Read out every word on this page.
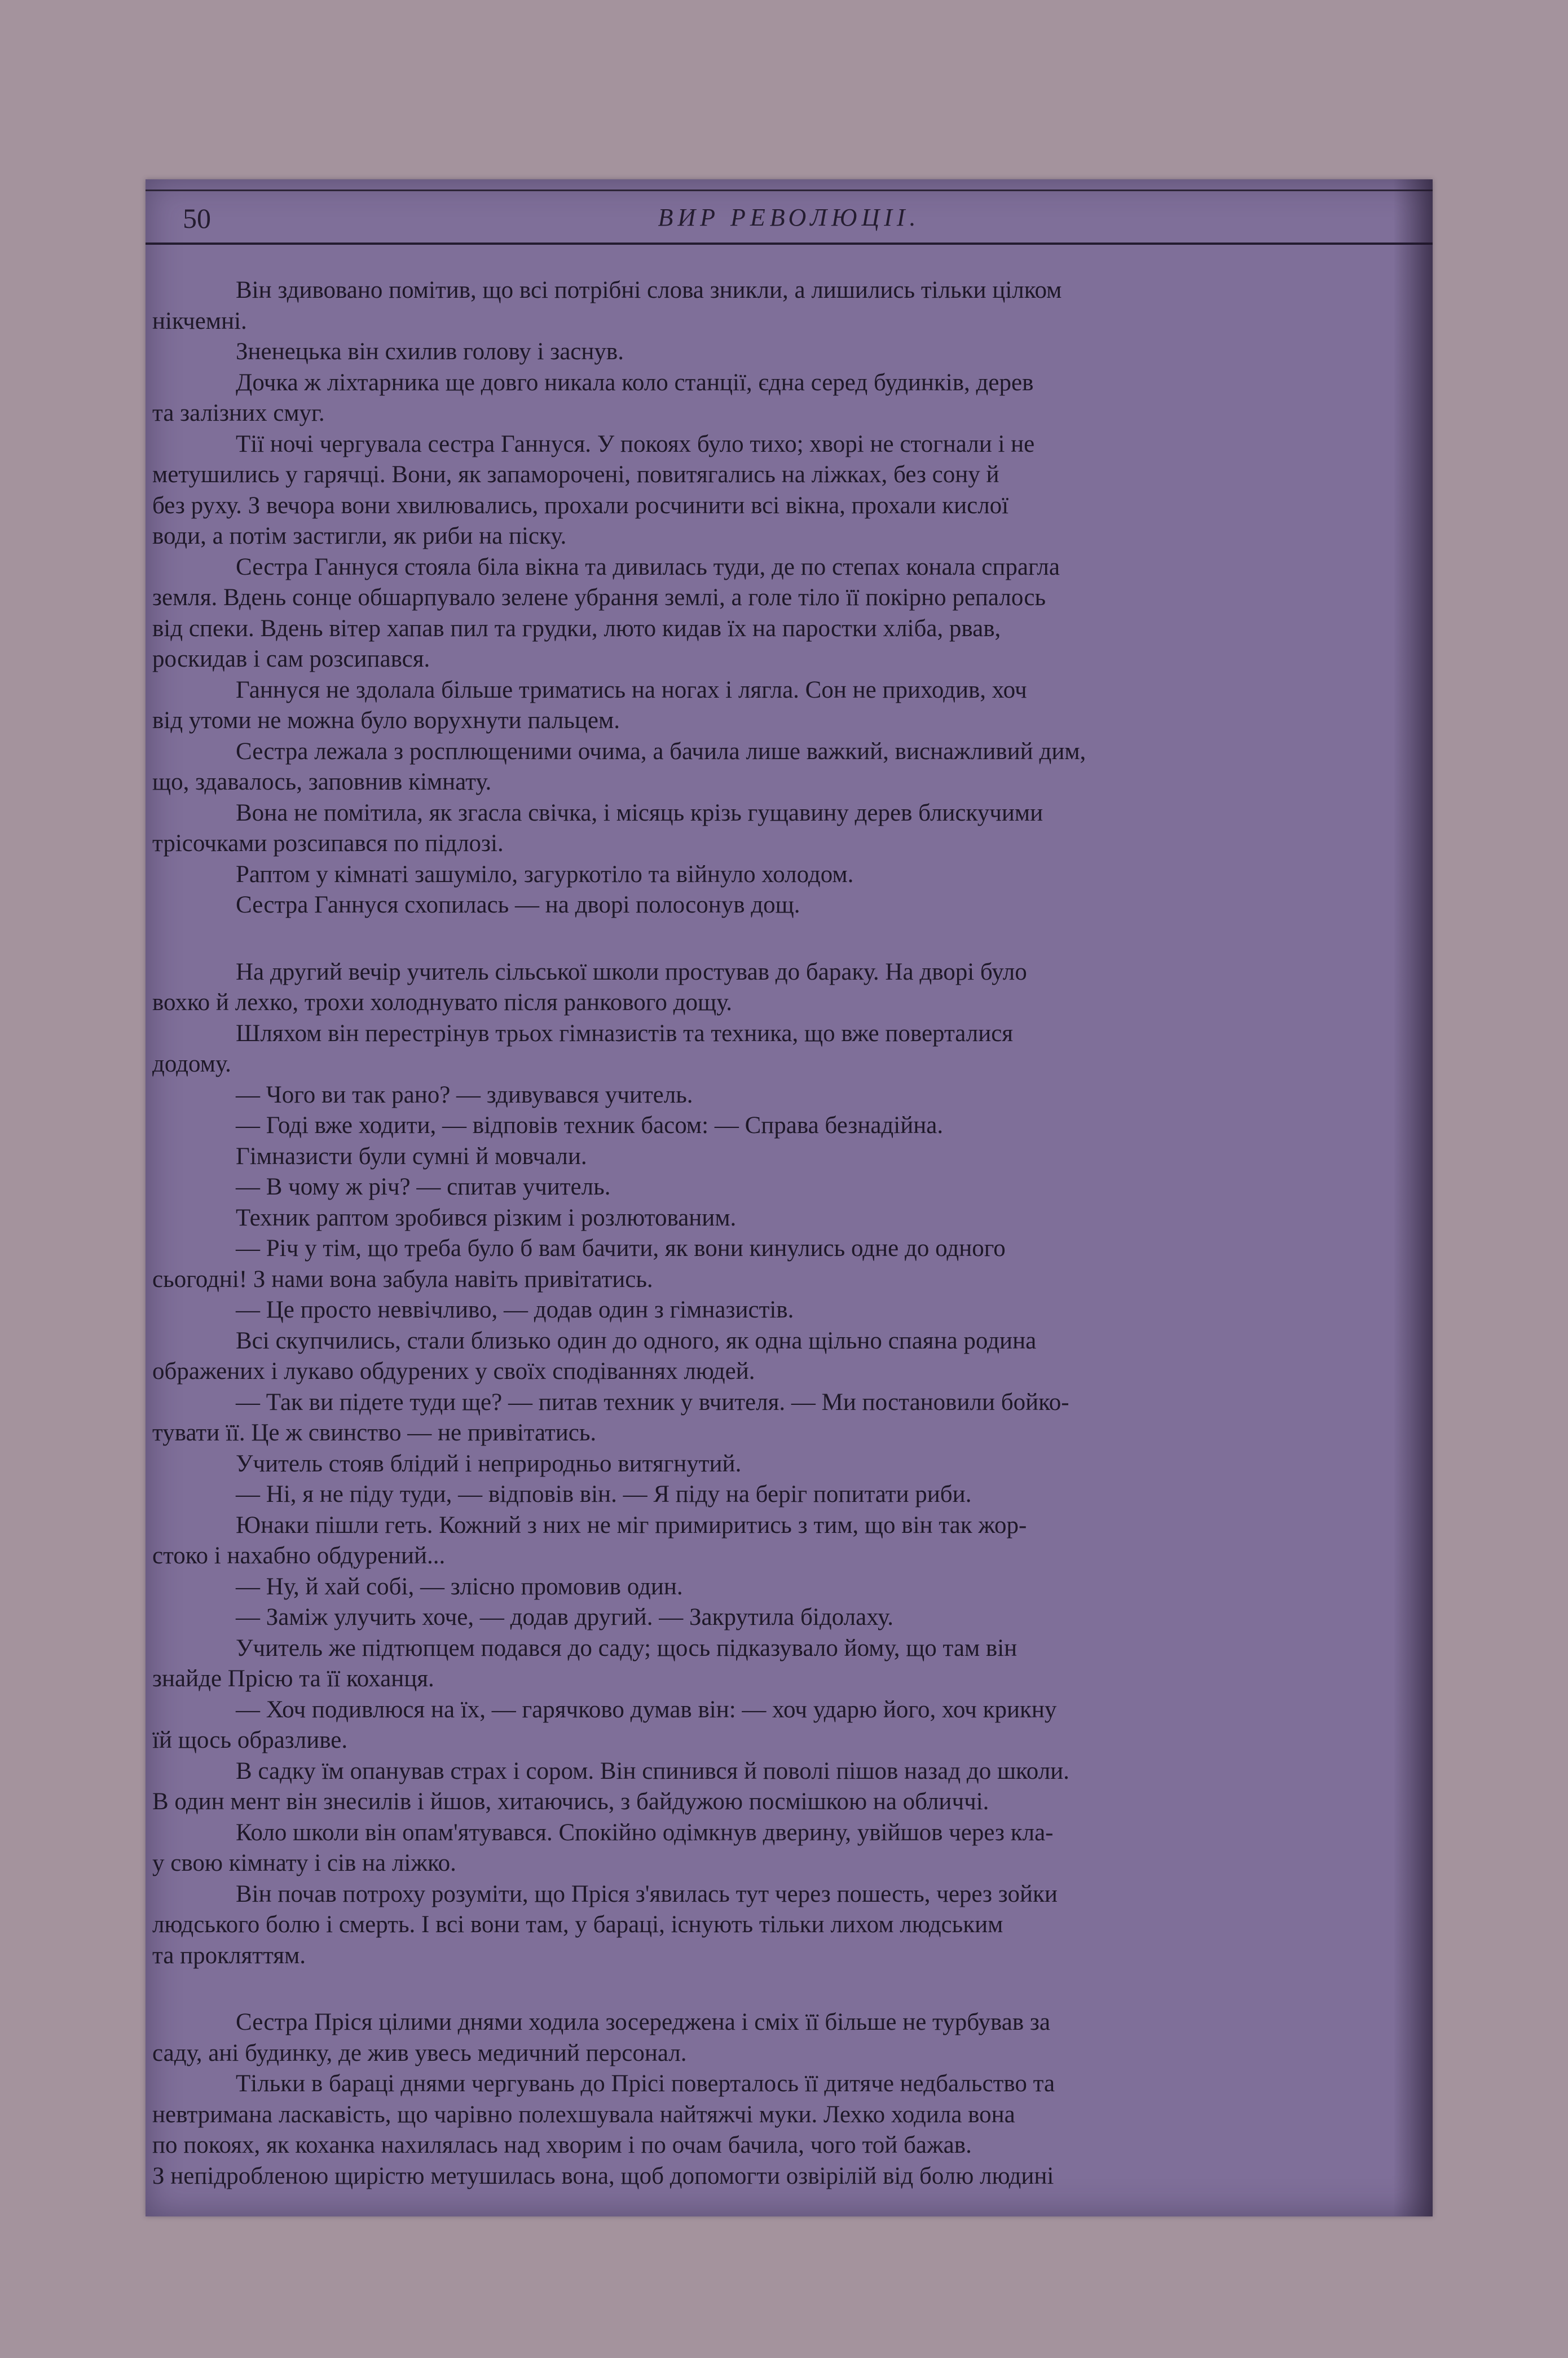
50	ВИР РЕВОЛЮЦІІ.
Він здивовано помітив, що всі потрібні слова зникли, а лишились тільки цілком
нікчемні.
Зненецька він схилив голову і заснув.
Дочка ж ліхтарника ще довго никала коло станції, єдна серед будинків, дерев
та залізних смуг.
Тії ночі чергувала сестра Ганнуся. У покоях було тихо; хворі не стогнали і не
метушились у гарячці. Вони, як запаморочені, повитягались на ліжках, без сону й
без руху. З вечора вони хвилювались, прохали росчинити всі вікна, прохали кислої
води, а потім застигли, як риби на піску.
Сестра Ганнуся стояла біла вікна та дивилась туди, де по степах конала спрагла
земля. Вдень сонце обшарпувало зелене убрання землі, а голе тіло її покірно репалось
від спеки. Вдень вітер хапав пил та грудки, люто кидав їх на паростки хліба, рвав,
роскидав і сам розсипався.
Ганнуся не здолала більше триматись на ногах і лягла. Сон не приходив, хоч
від утоми не можна було ворухнути пальцем.
Сестра лежала з росплющеними очима, а бачила лише важкий, виснажливий дим,
що, здавалось, заповнив кімнату.
Вона не помітила, як згасла свічка, і місяць крізь гущавину дерев блискучими
трісочками розсипався по підлозі.
Раптом у кімнаті зашуміло, загуркотіло та війнуло холодом.
Сестра Ганнуся схопилась — на дворі полосонув дощ.
На другий вечір учитель сільської школи простував до бараку. На дворі було
вохко й лехко, трохи холоднувато після ранкового дощу.
Шляхом він перестрінув трьох гімназистів та техника, що вже поверталися
додому.
— Чого ви так рано? — здивувався учитель.
— Годі вже ходити, — відповів техник басом: — Справа безнадійна.
Гімназисти були сумні й мовчали.
— В чому ж річ? — спитав учитель.
Техник раптом зробився різким і розлютованим.
— Річ у тім, що треба було б вам бачити, як вони кинулись одне до одного
сьогодні! З нами вона забула навіть привітатись.
— Це просто неввічливо, — додав один з гімназистів.
Всі скупчились, стали близько один до одного, як одна щільно спаяна родина
ображених і лукаво обдурених у своїх сподіваннях людей.
— Так ви підете туди ще? — питав техник у вчителя. — Ми постановили бойко-
тувати її. Це ж свинство — не привітатись.
Учитель стояв блідий і неприродньо витягнутий.
— Ні, я не піду туди, — відповів він. — Я піду на беріг попитати риби.
Юнаки пішли геть. Кожний з них не міг примиритись з тим, що він так жор-
стоко і нахабно обдурений...
— Ну, й хай собі, — злісно промовив один.
— Заміж улучить хоче, — додав другий. — Закрутила бідолаху.
Учитель же підтюпцем подався до саду; щось підказувало йому, що там він
знайде Прісю та її коханця.
— Хоч подивлюся на їх, — гарячково думав він: — хоч ударю його, хоч крикну
їй щось образливе.
В садку їм опанував страх і сором. Він спинився й поволі пішов назад до школи.
В один мент він знесилів і йшов, хитаючись, з байдужою посмішкою на обличчі.
Коло школи він опам'ятувався. Спокійно одімкнув дверину, увійшов через кла-
у свою кімнату і сів на ліжко.
Він почав потроху розуміти, що Пріся з'явилась тут через пошесть, через зойки
людського болю і смерть. І всі вони там, у бараці, існують тільки лихом людським
та прокляттям.
Сестра Пріся цілими днями ходила зосереджена і сміх її більше не турбував за
саду, ані будинку, де жив увесь медичний персонал.
Тільки в бараці днями чергувань до Прісі поверталось її дитяче недбальство та
невтримана ласкавість, що чарівно полехшувала найтяжчі муки. Лехко ходила вона
по покоях, як коханка нахилялась над хворим і по очам бачила, чого той бажав.
З непідробленою щирістю метушилась вона, щоб допомогти озвірілій від болю людині
